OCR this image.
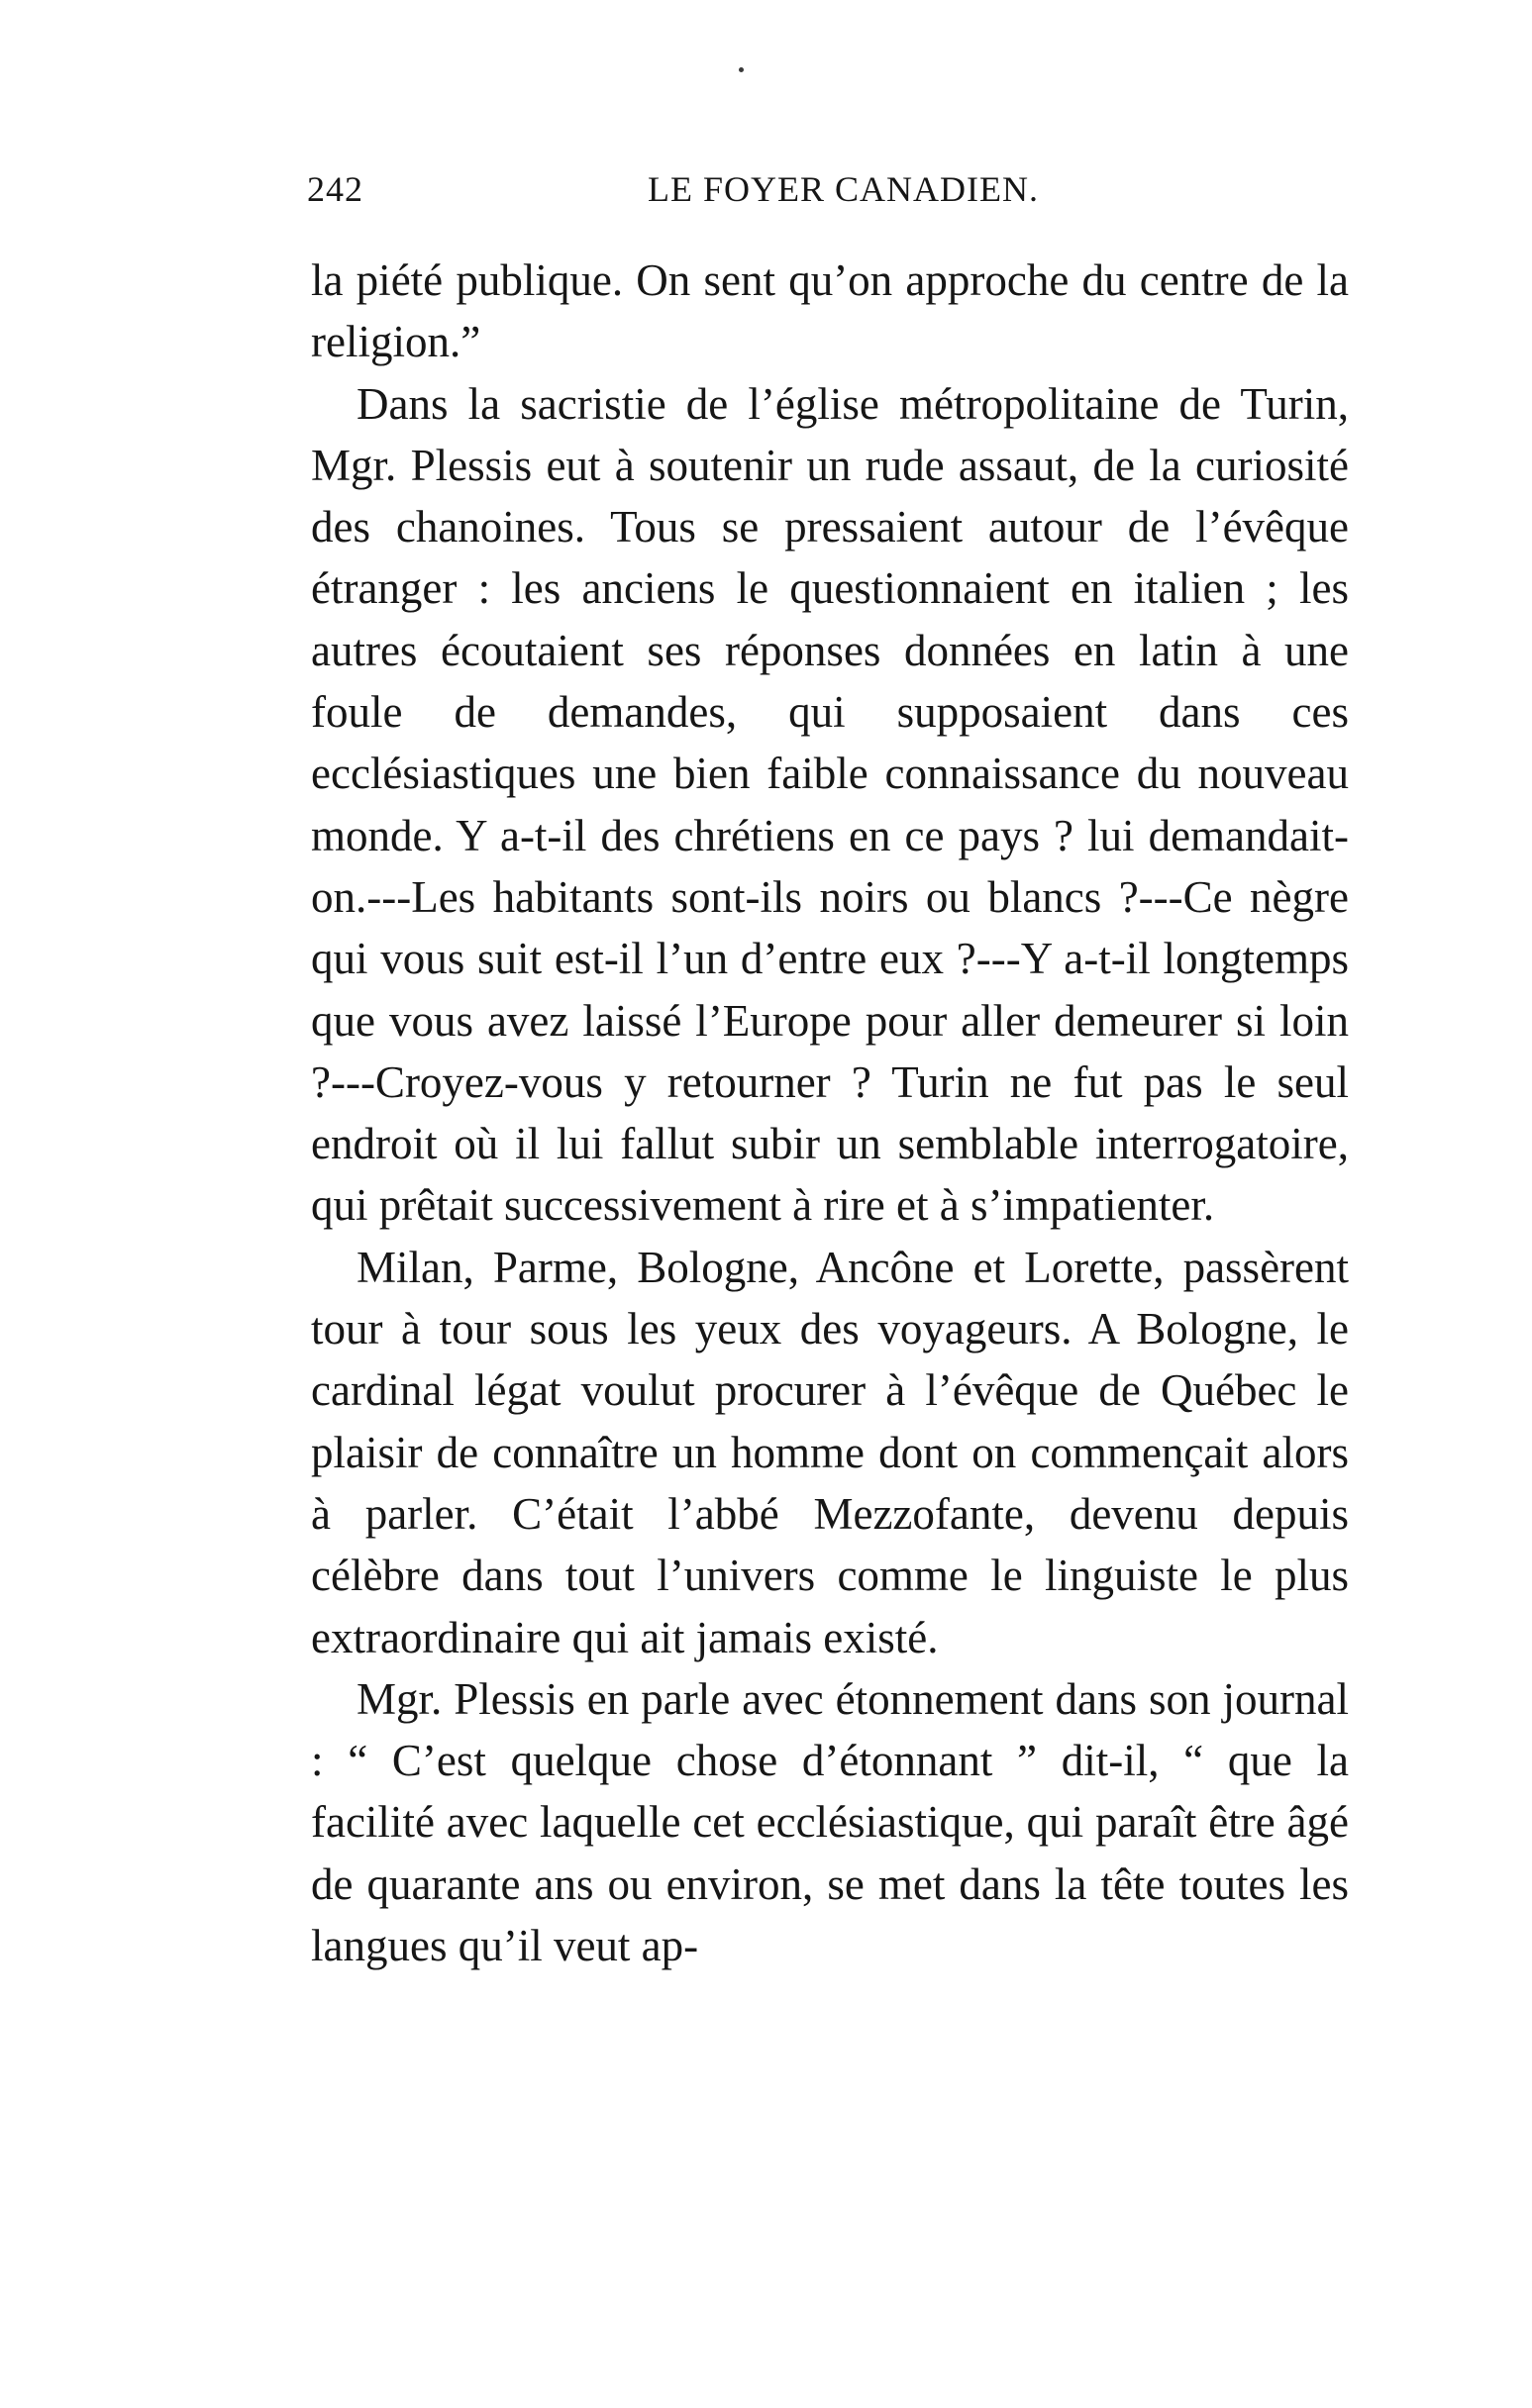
242	LE FOYER CANADIEN.

la piété publique. On sent qu’on approche du centre de la religion.”

Dans la sacristie de l’église métropolitaine de Turin, Mgr. Plessis eut à soutenir un rude assaut, de la curiosité des chanoines. Tous se pressaient autour de l’évêque étranger : les anciens le questionnaient en italien ; les autres écoutaient ses réponses données en latin à une foule de demandes, qui supposaient dans ces ecclésiastiques une bien faible connaissance du nouveau monde. Y a-t-il des chrétiens en ce pays ? lui demandait-on.---Les habitants sont-ils noirs ou blancs ?---Ce nègre qui vous suit est-il l’un d’entre eux ?---Y a-t-il longtemps que vous avez laissé l’Europe pour aller demeurer si loin ?---Croyez-vous y retourner ? Turin ne fut pas le seul endroit où il lui fallut subir un semblable interrogatoire, qui prêtait successivement à rire et à s’impatienter.

Milan, Parme, Bologne, Ancône et Lorette, passèrent tour à tour sous les yeux des voyageurs. A Bologne, le cardinal légat voulut procurer à l’évêque de Québec le plaisir de connaître un homme dont on commençait alors à parler. C’était l’abbé Mezzofante, devenu depuis célèbre dans tout l’univers comme le linguiste le plus extraordinaire qui ait jamais existé.

Mgr. Plessis en parle avec étonnement dans son journal : “ C’est quelque chose d’étonnant ” dit-il, “ que la facilité avec laquelle cet ecclésiastique, qui paraît être âgé de quarante ans ou environ, se met dans la tête toutes les langues qu’il veut ap-
